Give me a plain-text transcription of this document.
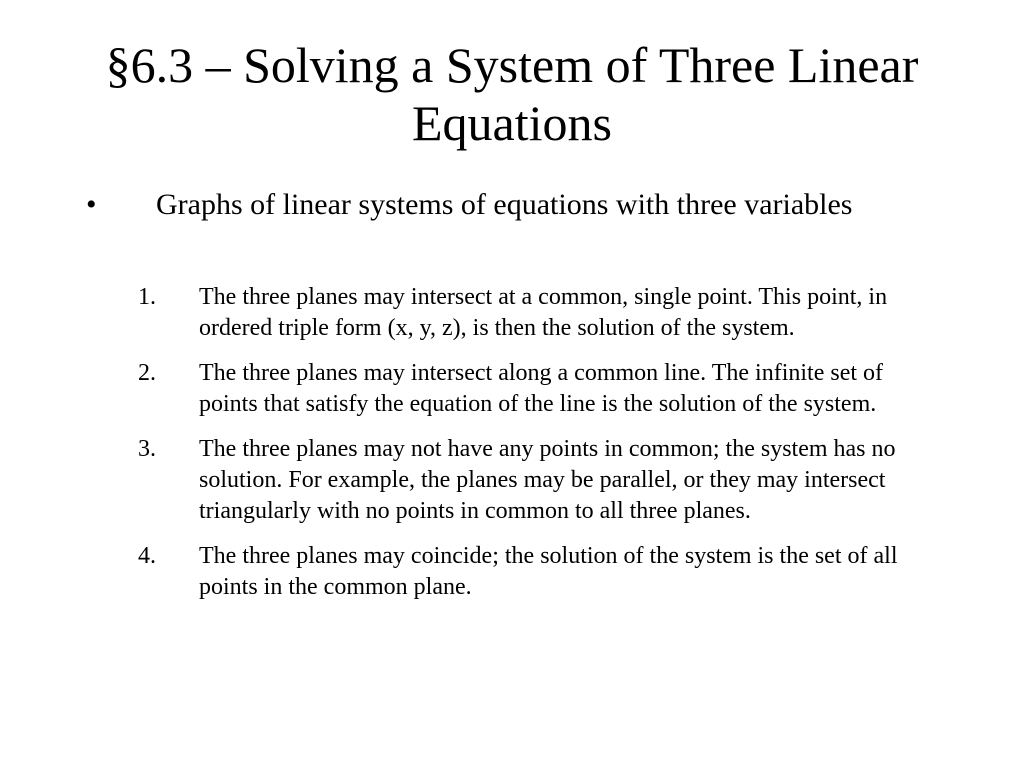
§6.3 – Solving a System of Three Linear Equations
• Graphs of linear systems of equations with three variables
1.	The three planes may intersect at a common, single point. This point, in ordered triple form (x, y, z), is then the solution of the system.
2.	The three planes may intersect along a common line. The infinite set of points that satisfy the equation of the line is the solution of the system.
3.	The three planes may not have any points in common; the system has no solution. For example, the planes may be parallel, or they may intersect triangularly with no points in common to all three planes.
4.	The three planes may coincide; the solution of the system is the set of all points in the common plane.
